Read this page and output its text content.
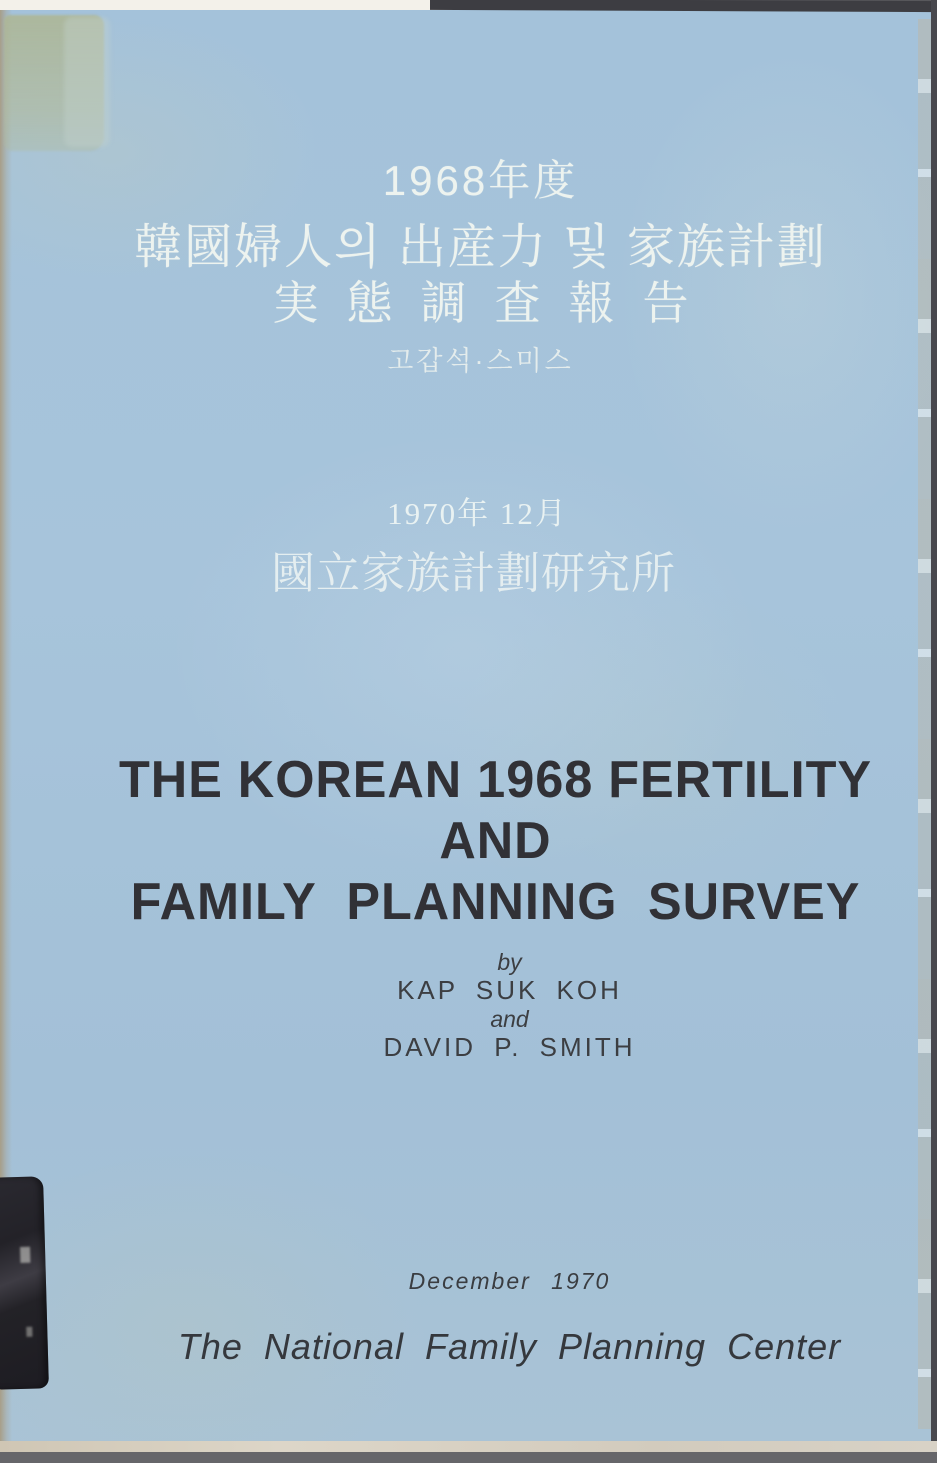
1968年度
韓國婦人의 出産力 및 家族計劃
実態調査報告
고갑석·스미스
1970年 12月
國立家族計劃研究所
THE KOREAN 1968 FERTILITY
AND
FAMILY PLANNING SURVEY
by
KAP SUK KOH
and
DAVID P. SMITH
December 1970
The National Family Planning Center
